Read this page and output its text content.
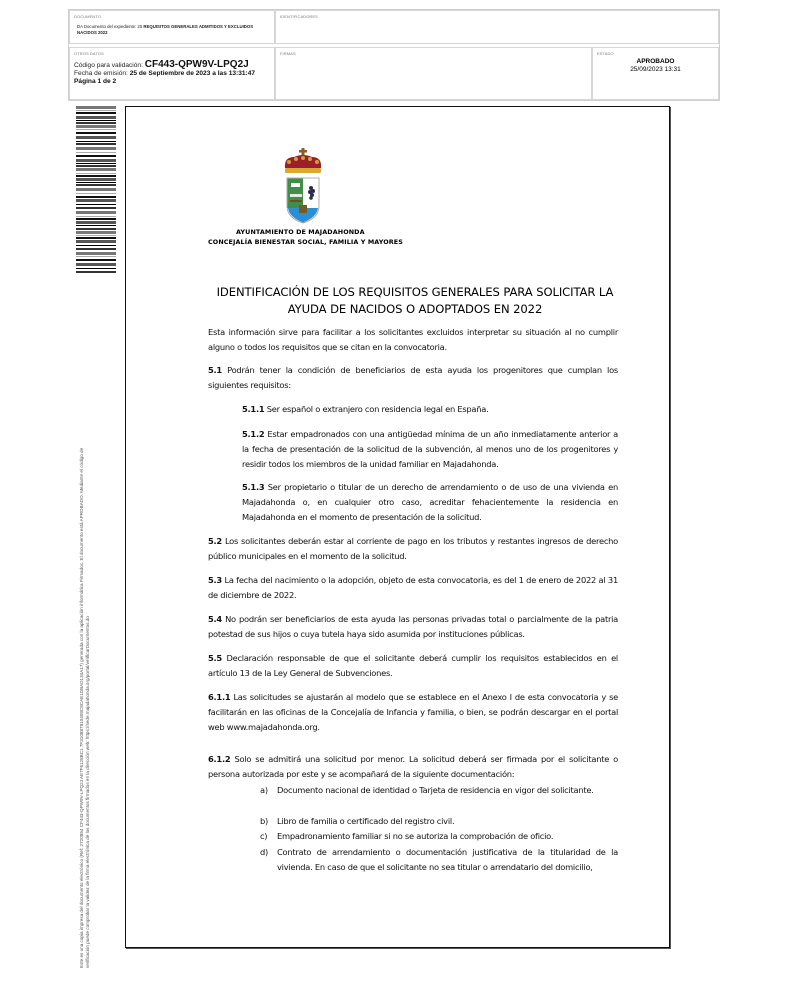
DOCUMENTO
DA Documento del expediente: 25 REQUISITOS GENERALES ADMITIDOS Y EXCLUIDOS NACIDOS 2022
IDENTIFICADORES
OTROS DATOS
Código para validación: CF443-QPW9V-LPQ2J
Fecha de emisión: 25 de Septiembre de 2023 a las 13:31:47
Página 1 de 2
FIRMAS	ESTADO
APROBADO
25/09/2023 13:31
Este es una copia impresa del documento electrónico (Ref: 2720854 CF443-QPW9V-LPQ2J AE7F6128BC1 7F310887810408C8CAE1DBAD134A17) generada con la aplicación informática Firmadoc. El documento está APROBADO. Mediante el código de verificación puede comprobar la validez de la firma electrónica de los documentos firmados en la dirección web: https://sede.majadahonda.org/portal/verificarDocumentos.do
AYUNTAMIENTO DE MAJADAHONDA
CONCEJALÍA BIENESTAR SOCIAL, FAMILIA Y MAYORES
IDENTIFICACIÓN DE LOS REQUISITOS GENERALES PARA SOLICITAR LA
AYUDA DE NACIDOS O ADOPTADOS EN 2022
Esta información sirve para facilitar a los solicitantes excluidos interpretar su situación al no cumplir alguno o todos los requisitos que se citan en la convocatoria.
5.1 Podrán tener la condición de beneficiarios de esta ayuda los progenitores que cumplan los siguientes requisitos:
5.1.1 Ser español o extranjero con residencia legal en España.
5.1.2 Estar empadronados con una antigüedad mínima de un año inmediatamente anterior a la fecha de presentación de la solicitud de la subvención, al menos uno de los progenitores y residir todos los miembros de la unidad familiar en Majadahonda.
5.1.3 Ser propietario o titular de un derecho de arrendamiento o de uso de una vivienda en Majadahonda o, en cualquier otro caso, acreditar fehacientemente la residencia en Majadahonda en el momento de presentación de la solicitud.
5.2 Los solicitantes deberán estar al corriente de pago en los tributos y restantes ingresos de derecho público municipales en el momento de la solicitud.
5.3 La fecha del nacimiento o la adopción, objeto de esta convocatoria, es del 1 de enero de 2022 al 31 de diciembre de 2022.
5.4 No podrán ser beneficiarios de esta ayuda las personas privadas total o parcialmente de la patria potestad de sus hijos o cuya tutela haya sido asumida por instituciones públicas.
5.5 Declaración responsable de que el solicitante deberá cumplir los requisitos establecidos en el artículo 13 de la Ley General de Subvenciones.
6.1.1 Las solicitudes se ajustarán al modelo que se establece en el Anexo I de esta convocatoria y se facilitarán en las oficinas de la Concejalía de Infancia y familia, o bien, se podrán descargar en el portal web www.majadahonda.org.
6.1.2 Solo se admitirá una solicitud por menor. La solicitud deberá ser firmada por el solicitante o persona autorizada por este y se acompañará de la siguiente documentación:
a) Documento nacional de identidad o Tarjeta de residencia en vigor del solicitante.
b) Libro de familia o certificado del registro civil.
c) Empadronamiento familiar si no se autoriza la comprobación de oficio.
d) Contrato de arrendamiento o documentación justificativa de la titularidad de la vivienda. En caso de que el solicitante no sea titular o arrendatario del domicilio,
